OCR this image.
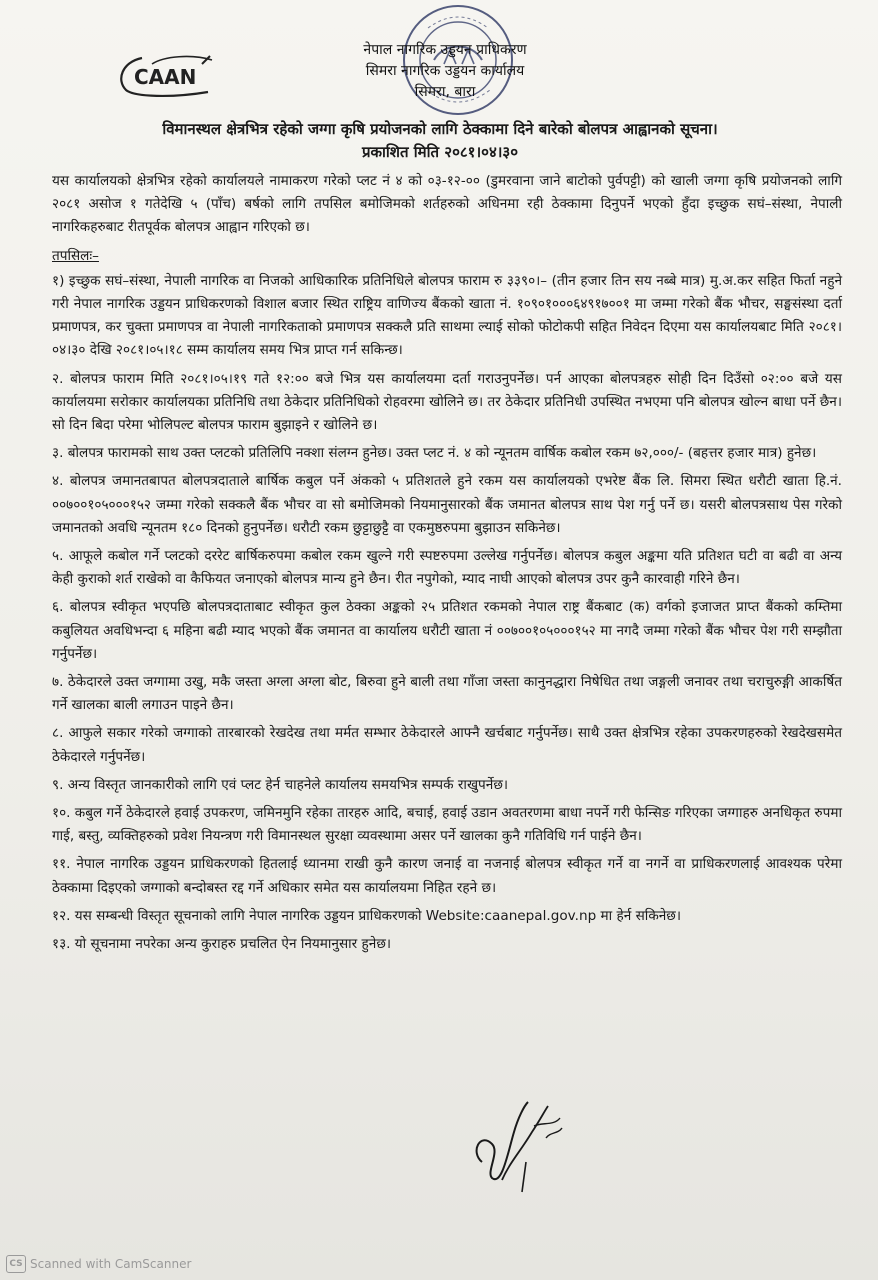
CAAN
नेपाल नागरिक उड्डयन प्राधिकरण
सिमरा नागरिक उड्डयन कार्यालय
सिमरा, बारा
विमानस्थल क्षेत्रभित्र रहेको जग्गा कृषि प्रयोजनको लागि ठेक्कामा दिने बारेको बोलपत्र आह्वानको सूचना।
प्रकाशित मिति २०८१।०४।३०

यस कार्यालयको क्षेत्रभित्र रहेको कार्यालयले नामाकरण गरेको प्लट नं ४ को ०३-१२-०० (डुमरवाना जाने बाटोको पुर्वपट्टी) को खाली जग्गा कृषि प्रयोजनको लागि २०८१ असोज १ गतेदेखि ५ (पाँच) बर्षको लागि तपसिल बमोजिमको शर्तहरुको अधिनमा रही ठेक्कामा दिनुपर्ने भएको हुँदा इच्छुक सघं–संस्था, नेपाली नागरिकहरुबाट रीतपूर्वक बोलपत्र आह्वान गरिएको छ।

तपसिलः–

१) इच्छुक सघं–संस्था, नेपाली नागरिक वा निजको आधिकारिक प्रतिनिधिले बोलपत्र फाराम रु ३३९०।– (तीन हजार तिन सय नब्बे मात्र) मु.अ.कर सहित फिर्ता नहुने गरी नेपाल नागरिक उड्डयन प्राधिकरणको विशाल बजार स्थित राष्ट्रिय वाणिज्य बैंकको खाता नं. १०९०१०००६४९१७००१ मा जम्मा गरेको बैंक भौचर, सङ्घसंस्था दर्ता प्रमाणपत्र, कर चुक्ता प्रमाणपत्र वा नेपाली नागरिकताको प्रमाणपत्र सक्कलै प्रति साथमा ल्याई सोको फोटोकपी सहित निवेदन दिएमा यस कार्यालयबाट मिति २०८१।०४।३० देखि २०८१।०५।१८ सम्म कार्यालय समय भित्र प्राप्त गर्न सकिन्छ।

२. बोलपत्र फाराम मिति २०८१।०५।१९ गते १२:०० बजे भित्र यस कार्यालयमा दर्ता गराउनुपर्नेछ। पर्न आएका बोलपत्रहरु सोही दिन दिउँसो ०२:०० बजे यस कार्यालयमा सरोकार कार्यालयका प्रतिनिधि तथा ठेकेदार प्रतिनिधिको रोहवरमा खोलिने छ। तर ठेकेदार प्रतिनिधी उपस्थित नभएमा पनि बोलपत्र खोल्न बाधा पर्ने छैन। सो दिन बिदा परेमा भोलिपल्ट बोलपत्र फाराम बुझाइने र खोलिने छ।

३. बोलपत्र फारामको साथ उक्त प्लटको प्रतिलिपि नक्शा संलग्न हुनेछ। उक्त प्लट नं. ४ को न्यूनतम वार्षिक कबोल रकम ७२,०००/- (बहत्तर हजार मात्र) हुनेछ।

४. बोलपत्र जमानतबापत बोलपत्रदाताले बार्षिक कबुल पर्ने अंकको ५ प्रतिशतले हुने रकम यस कार्यालयको एभरेष्ट बैंक लि. सिमरा स्थित धरौटी खाता हि.नं. ००७००१०५०००१५२ जम्मा गरेको सक्कलै बैंक भौचर वा सो बमोजिमको नियमानुसारको बैंक जमानत बोलपत्र साथ पेश गर्नु पर्ने छ। यसरी बोलपत्रसाथ पेस गरेको जमानतको अवधि न्यूनतम १८० दिनको हुनुपर्नेछ। धरौटी रकम छुट्टाछुट्टै वा एकमुष्ठरुपमा बुझाउन सकिनेछ।

५. आफूले कबोल गर्ने प्लटको दररेट बार्षिकरुपमा कबोल रकम खुल्ने गरी स्पष्टरुपमा उल्लेख गर्नुपर्नेछ। बोलपत्र कबुल अङ्कमा यति प्रतिशत घटी वा बढी वा अन्य केही कुराको शर्त राखेको वा कैफियत जनाएको बोलपत्र मान्य हुने छैन। रीत नपुगेको, म्याद नाघी आएको बोलपत्र उपर कुनै कारवाही गरिने छैन।

६. बोलपत्र स्वीकृत भएपछि बोलपत्रदाताबाट स्वीकृत कुल ठेक्का अङ्कको २५ प्रतिशत रकमको नेपाल राष्ट्र बैंकबाट (क) वर्गको इजाजत प्राप्त बैंकको कम्तिमा कबुलियत अवधिभन्दा ६ महिना बढी म्याद भएको बैंक जमानत वा कार्यालय धरौटी खाता नं ००७००१०५०००१५२ मा नगदै जम्मा गरेको बैंक भौचर पेश गरी सम्झौता गर्नुपर्नेछ।

७. ठेकेदारले उक्त जग्गामा उखु, मकै जस्ता अग्ला अग्ला बोट, बिरुवा हुने बाली तथा गाँजा जस्ता कानुनद्धारा निषेधित तथा जङ्गली जनावर तथा चराचुरुङ्गी आकर्षित गर्ने खालका बाली लगाउन पाइने छैन।

८. आफुले सकार गरेको जग्गाको तारबारको रेखदेख तथा मर्मत सम्भार ठेकेदारले आफ्नै खर्चबाट गर्नुपर्नेछ। साथै उक्त क्षेत्रभित्र रहेका उपकरणहरुको रेखदेखसमेत ठेकेदारले गर्नुपर्नेछ।

९. अन्य विस्तृत जानकारीको लागि एवं प्लट हेर्न चाहनेले कार्यालय समयभित्र सम्पर्क राखुपर्नेछ।

१०. कबुल गर्ने ठेकेदारले हवाई उपकरण, जमिनमुनि रहेका तारहरु आदि, बचाई, हवाई उडान अवतरणमा बाधा नपर्ने गरी फेन्सिङ गरिएका जग्गाहरु अनधिकृत रुपमा गाई, बस्तु, व्यक्तिहरुको प्रवेश नियन्त्रण गरी विमानस्थल सुरक्षा व्यवस्थामा असर पर्ने खालका कुनै गतिविधि गर्न पाईने छैन।

११. नेपाल नागरिक उड्डयन प्राधिकरणको हितलाई ध्यानमा राखी कुनै कारण जनाई वा नजनाई बोलपत्र स्वीकृत गर्ने वा नगर्ने वा प्राधिकरणलाई आवश्यक परेमा ठेक्कामा दिइएको जग्गाको बन्दोबस्त रद्द गर्ने अधिकार समेत यस कार्यालयमा निहित रहने छ।

१२. यस सम्बन्धी विस्तृत सूचनाको लागि नेपाल नागरिक उड्डयन प्राधिकरणको Website:caanepal.gov.np मा हेर्न सकिनेछ।

१३. यो सूचनामा नपरेका अन्य कुराहरु प्रचलित ऐन नियमानुसार हुनेछ।

CS Scanned with CamScanner
